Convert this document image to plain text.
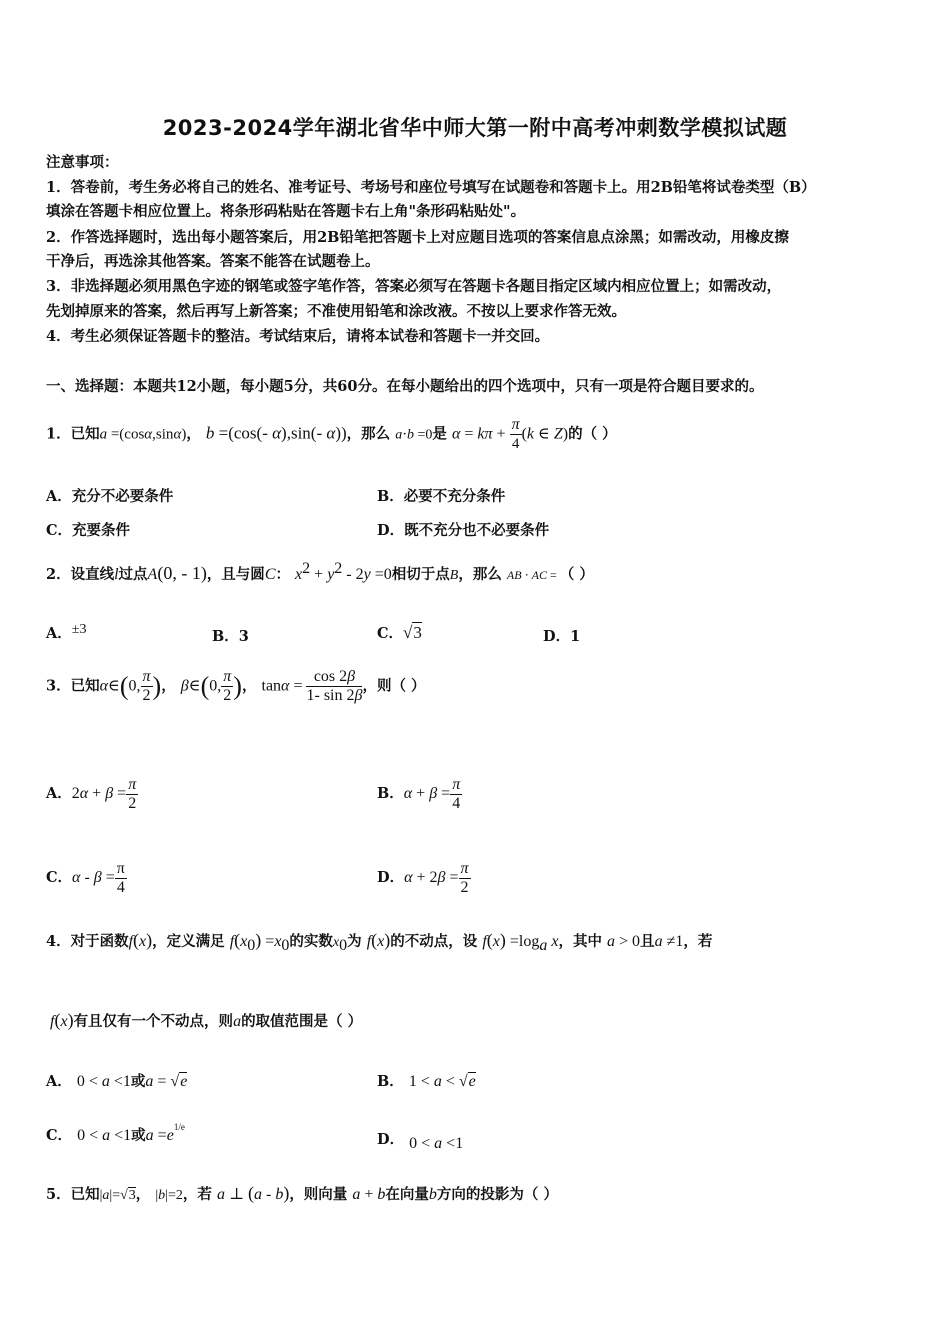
2023-2024学年湖北省华中师大第一附中高考冲刺数学模拟试题
注意事项：
1．答卷前，考生务必将自己的姓名、准考证号、考场号和座位号填写在试题卷和答题卡上。用2B铅笔将试卷类型（B）
填涂在答题卡相应位置上。将条形码粘贴在答题卡右上角"条形码粘贴处"。
2．作答选择题时，选出每小题答案后，用2B铅笔把答题卡上对应题目选项的答案信息点涂黑；如需改动，用橡皮擦
干净后，再选涂其他答案。答案不能答在试题卷上。
3．非选择题必须用黑色字迹的钢笔或签字笔作答，答案必须写在答题卡各题目指定区域内相应位置上；如需改动，
先划掉原来的答案，然后再写上新答案；不准使用铅笔和涂改液。不按以上要求作答无效。
4．考生必须保证答题卡的整洁。考试结束后，请将本试卷和答题卡一并交回。
一、选择题：本题共12小题，每小题5分，共60分。在每小题给出的四个选项中，只有一项是符合题目要求的。
1．已知a =(cosα,sinα)， b =(cos(- α),sin(- α))，那么 a⋅b =0是 $\alpha = k\pi + \frac{\pi}{4} (k$ ∈ Z)的（ ）
A．充分不必要条件	B．必要不充分条件
C．充要条件	D．既不充分也不必要条件
2．设直线l过点A(0, - 1)，且与圆C： $x^2 + y^2 - 2y =0$相切于点B，那么 AB ⋅ AC = （ ）
A．±3	B．3	C．√3	D．1
3．已知α∈(0, $\frac{\pi}{2}$ )， β∈(0, $\frac{\pi}{2}$ )， $\tan\alpha = \frac{\cos 2\beta}{1- \sin 2\beta}$ ，则（ ）
A．$2\alpha + \beta = \frac{\pi}{2}$	B．$\alpha + \beta = \frac{\pi}{4}$
C．$\alpha - \beta = \frac{\pi}{4}$	D．$\alpha + 2\beta = \frac{\pi}{2}$
4．对于函数f(x)，定义满足 $f(x_0) =x_0$的实数$x_0$为 f(x)的不动点，设 $f(x) =\log_a$ x，其中 a > 0且a ≠1，若
f(x)有且仅有一个不动点，则a的取值范围是（ ）
A． 0 < a <1或a = √e	B． 1 < a < √e
C． 0 < a <1或$a =e^{1/e}$
D． 0 < a <1
5．已知|a|=√3， |b|=2，若 a ⊥ (a - b)，则向量 a + b在向量b方向的投影为（ ）
